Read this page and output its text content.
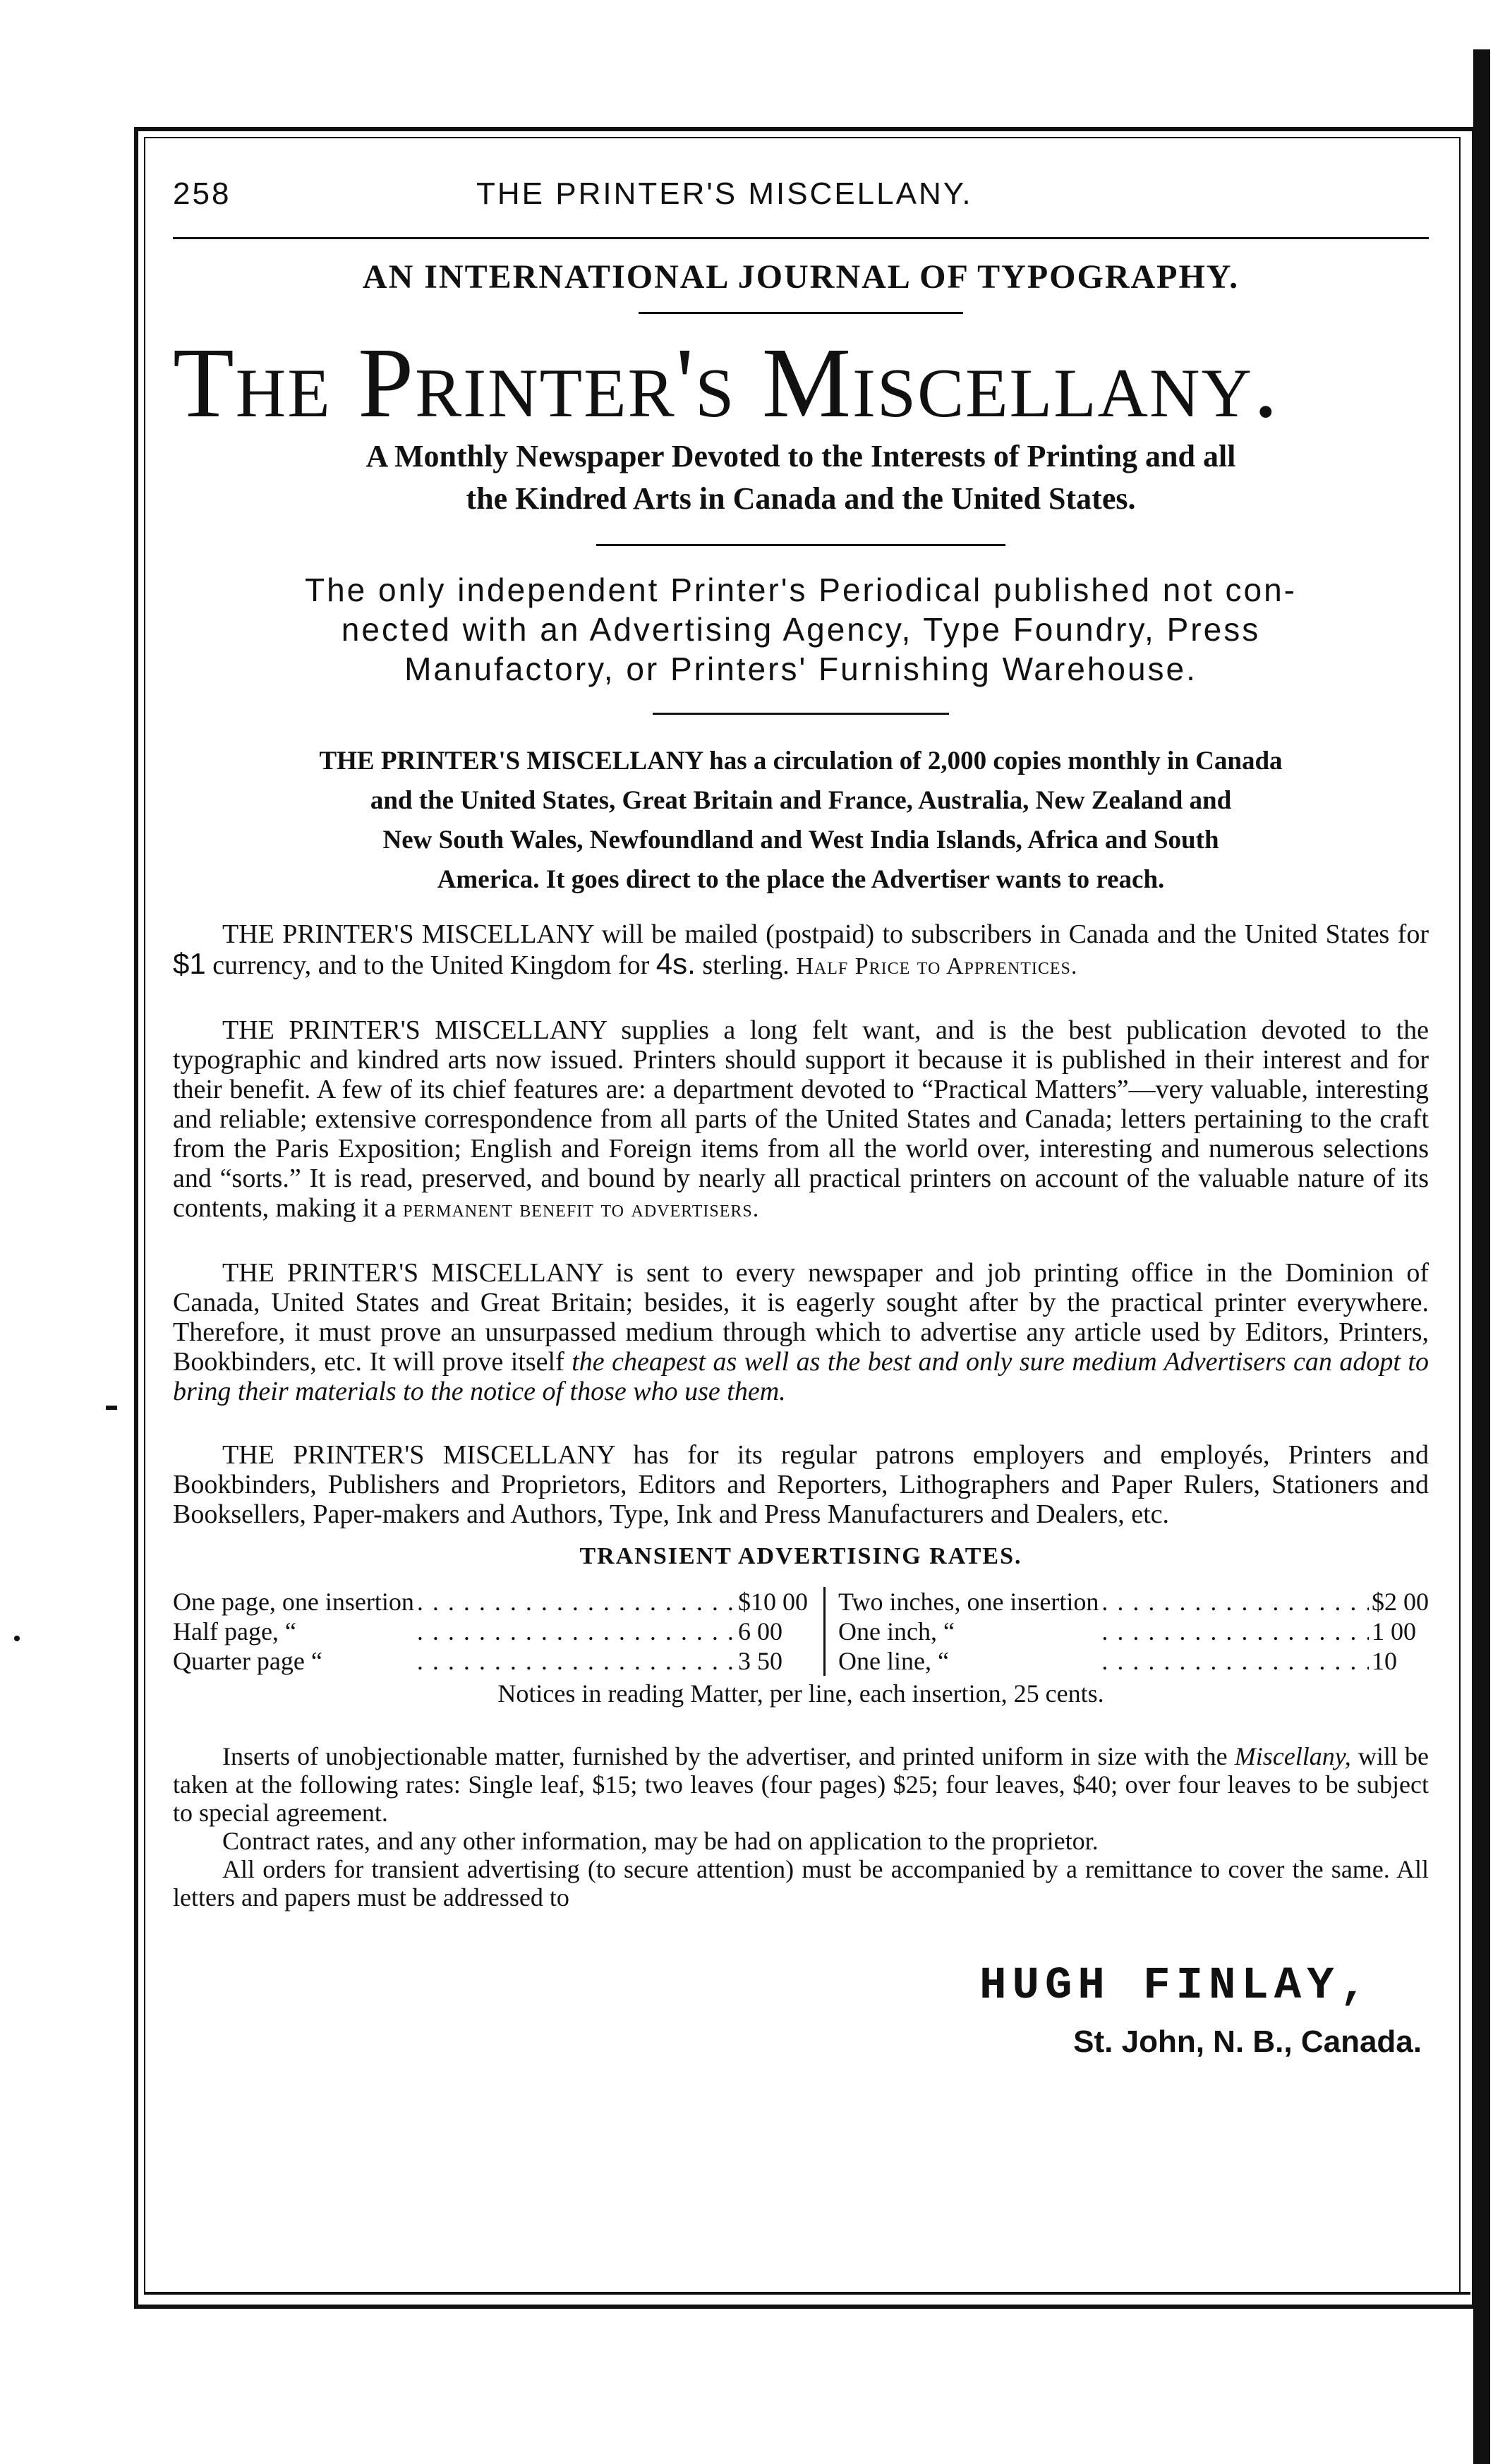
258	THE PRINTER'S MISCELLANY.
AN INTERNATIONAL JOURNAL OF TYPOGRAPHY.
The Printer's Miscellany.
A Monthly Newspaper Devoted to the Interests of Printing and all
the Kindred Arts in Canada and the United States.
The only independent Printer's Periodical published not con-
nected with an Advertising Agency, Type Foundry, Press
Manufactory, or Printers' Furnishing Warehouse.
THE PRINTER'S MISCELLANY has a circulation of 2,000 copies monthly in Canada
and the United States, Great Britain and France, Australia, New Zealand and
New South Wales, Newfoundland and West India Islands, Africa and South
America. It goes direct to the place the Advertiser wants to reach.

THE PRINTER'S MISCELLANY will be mailed (postpaid) to subscribers in Canada and the United States for $1 currency, and to the United Kingdom for 4s. sterling. Half Price to Apprentices.

THE PRINTER'S MISCELLANY supplies a long felt want, and is the best publication devoted to the typographic and kindred arts now issued. Printers should support it because it is published in their interest and for their benefit. A few of its chief features are: a department devoted to “Practical Matters”—very valuable, interesting and reliable; extensive correspondence from all parts of the United States and Canada; letters pertaining to the craft from the Paris Exposition; English and Foreign items from all the world over, interesting and numerous selections and “sorts.” It is read, preserved, and bound by nearly all practical printers on account of the valuable nature of its contents, making it a permanent benefit to advertisers.

THE PRINTER'S MISCELLANY is sent to every newspaper and job printing office in the Dominion of Canada, United States and Great Britain; besides, it is eagerly sought after by the practical printer everywhere. Therefore, it must prove an unsurpassed medium through which to advertise any article used by Editors, Printers, Bookbinders, etc. It will prove itself the cheapest as well as the best and only sure medium Advertisers can adopt to bring their materials to the notice of those who use them.

THE PRINTER'S MISCELLANY has for its regular patrons employers and employés, Printers and Bookbinders, Publishers and Proprietors, Editors and Reporters, Lithographers and Paper Rulers, Stationers and Booksellers, Paper-makers and Authors, Type, Ink and Press Manufacturers and Dealers, etc.

TRANSIENT ADVERTISING RATES.
One page, one insertion . . .	$10 00
Half page, “ . . .	6 00
Quarter page “ . . .	3 50
Two inches, one insertion . . .	$2 00
One inch, “ . . .	1 00
One line, “ . . .	10
Notices in reading Matter, per line, each insertion, 25 cents.

Inserts of unobjectionable matter, furnished by the advertiser, and printed uniform in size with the Miscellany, will be taken at the following rates: Single leaf, $15; two leaves (four pages) $25; four leaves, $40; over four leaves to be subject to special agreement.

Contract rates, and any other information, may be had on application to the proprietor.

All orders for transient advertising (to secure attention) must be accompanied by a remittance to cover the same. All letters and papers must be addressed to

HUGH FINLAY,
St. John, N. B., Canada.
